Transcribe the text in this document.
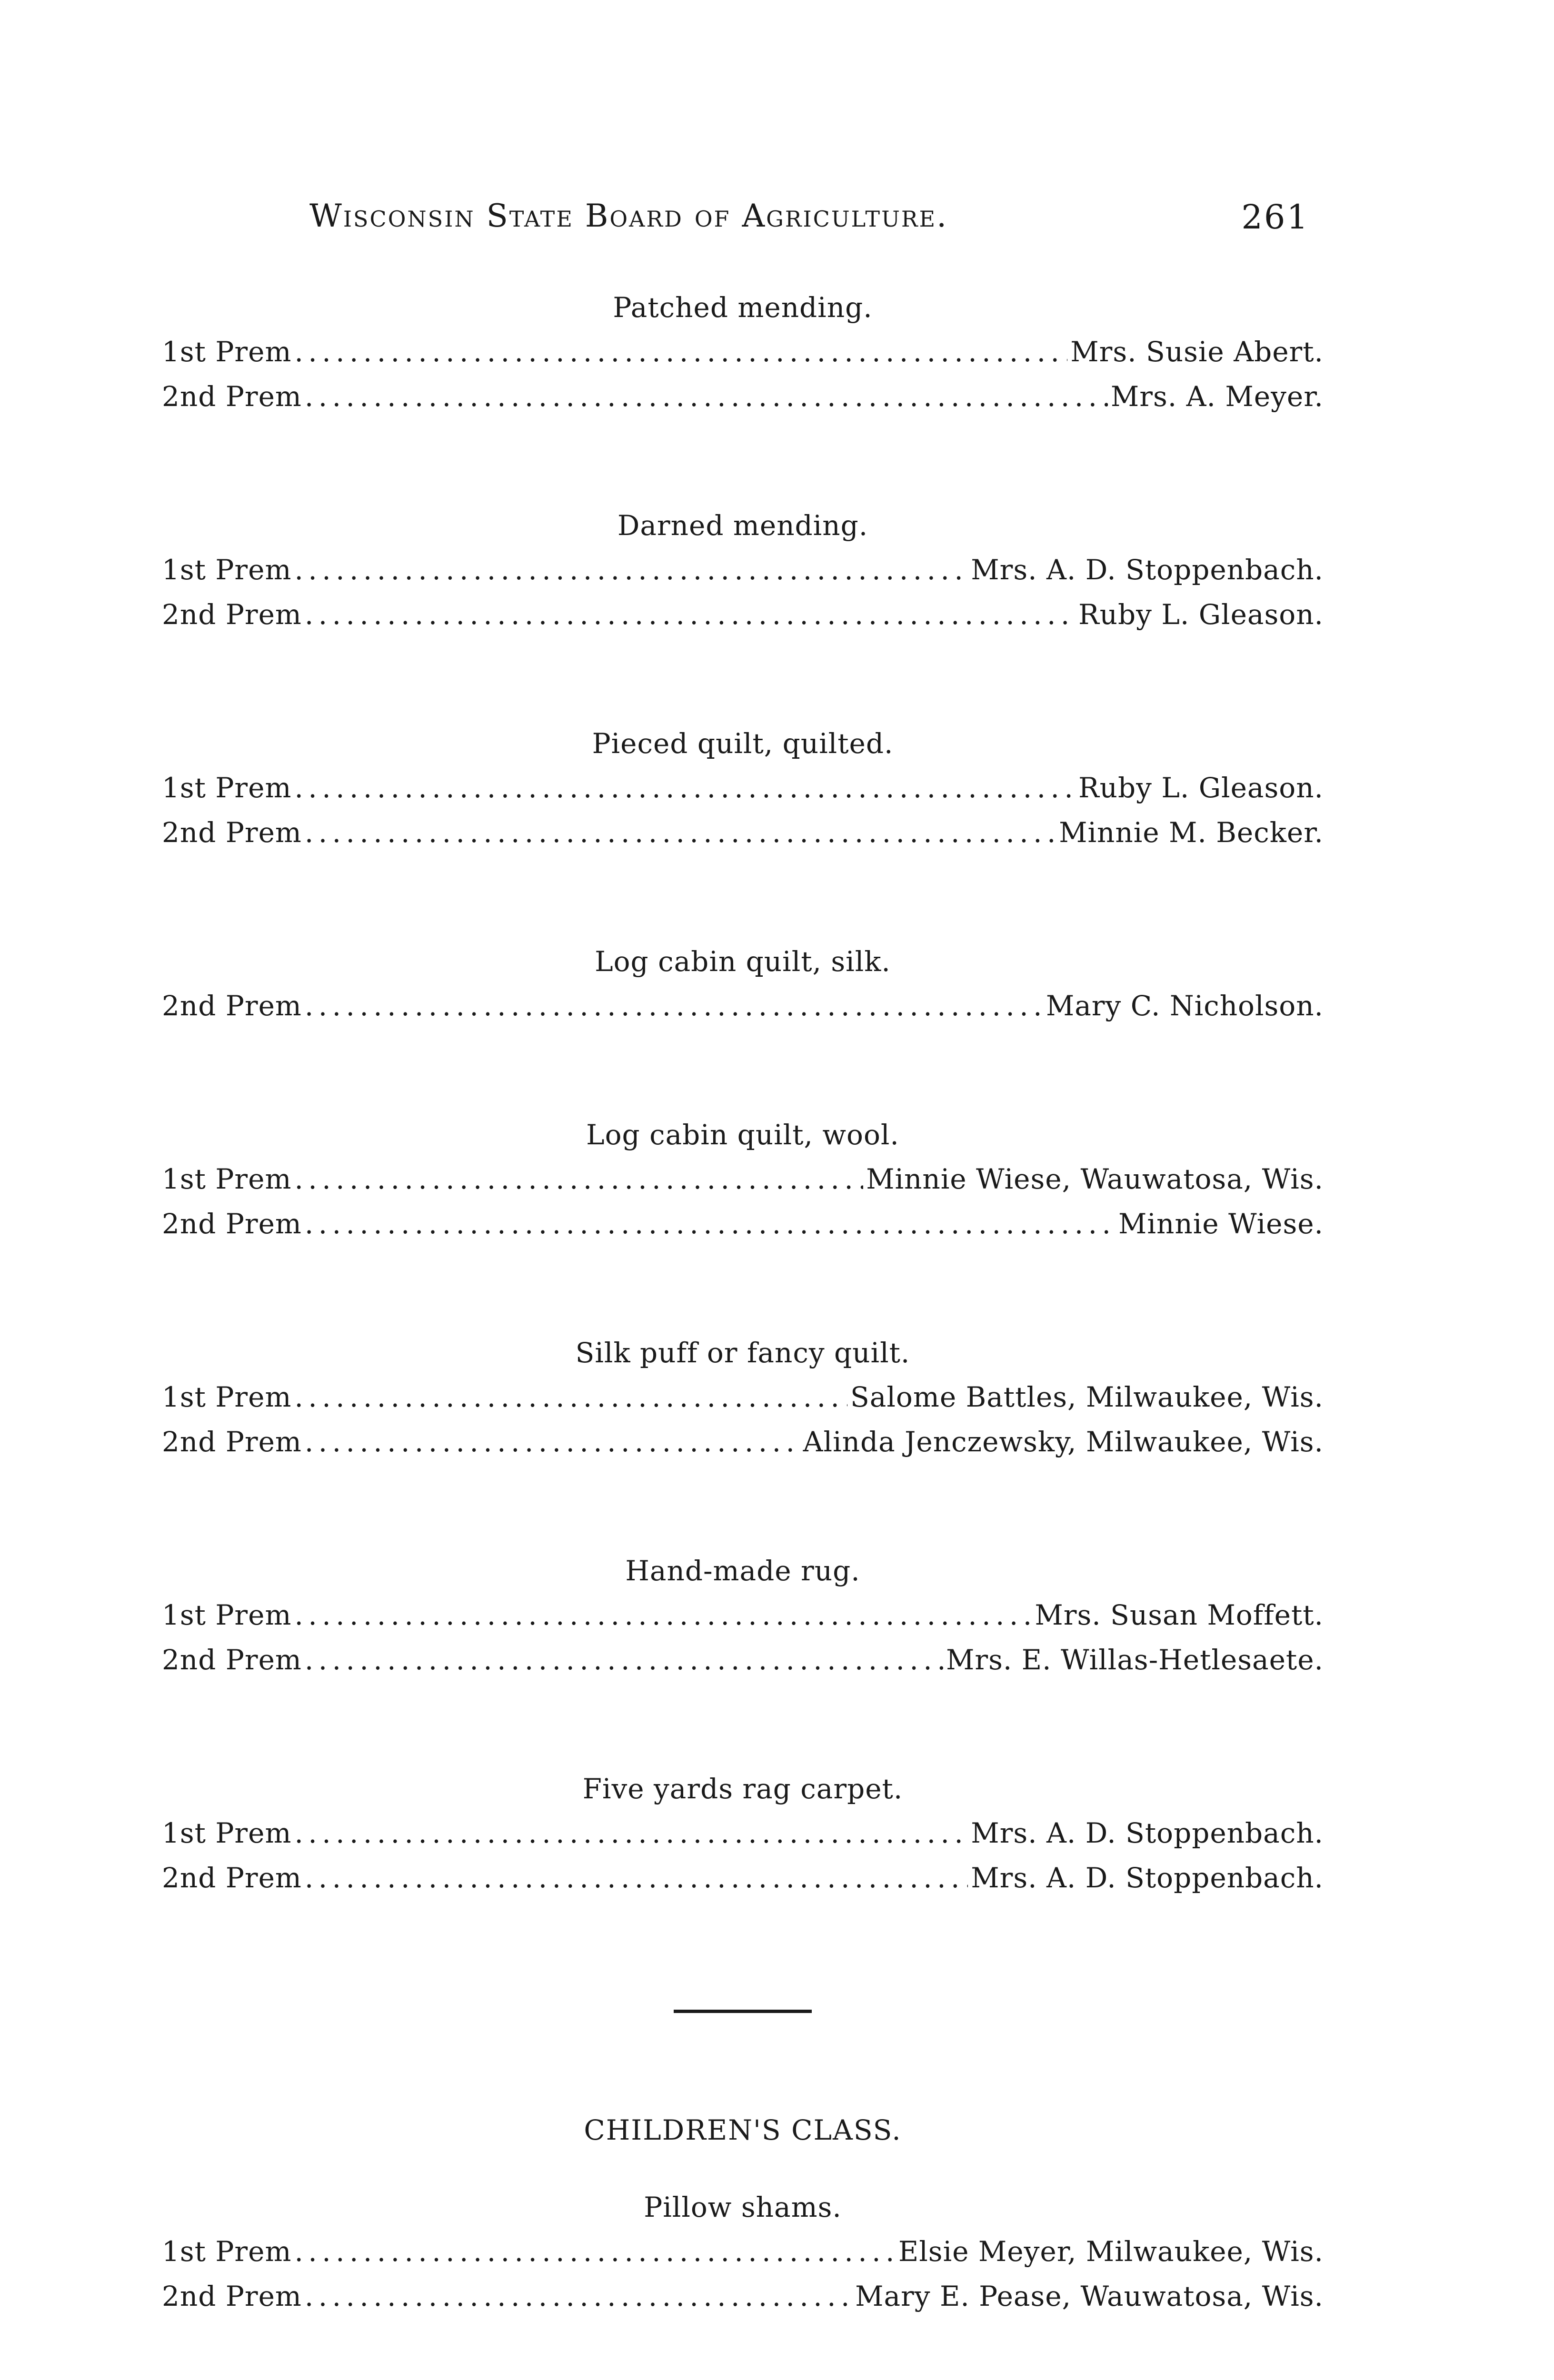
Wisconsin State Board of Agriculture.	261
Patched mending.
1st Prem . . .	Mrs. Susie Abert.
2nd Prem . . .	Mrs. A. Meyer.
Darned mending.
1st Prem . . .	Mrs. A. D. Stoppenbach.
2nd Prem . . .	Ruby L. Gleason.
Pieced quilt, quilted.
1st Prem . . .	Ruby L. Gleason.
2nd Prem . . .	Minnie M. Becker.
Log cabin quilt, silk.
2nd Prem . . .	Mary C. Nicholson.
Log cabin quilt, wool.
1st Prem . . .	Minnie Wiese, Wauwatosa, Wis.
2nd Prem . . .	Minnie Wiese.
Silk puff or fancy quilt.
1st Prem . . .	Salome Battles, Milwaukee, Wis.
2nd Prem . . .	Alinda Jenczewsky, Milwaukee, Wis.
Hand-made rug.
1st Prem . . .	Mrs. Susan Moffett.
2nd Prem . . .	Mrs. E. Willas-Hetlesaete.
Five yards rag carpet.
1st Prem . . .	Mrs. A. D. Stoppenbach.
2nd Prem . . .	Mrs. A. D. Stoppenbach.
CHILDREN'S CLASS.
Pillow shams.
1st Prem . . .	Elsie Meyer, Milwaukee, Wis.
2nd Prem . . .	Mary E. Pease, Wauwatosa, Wis.
